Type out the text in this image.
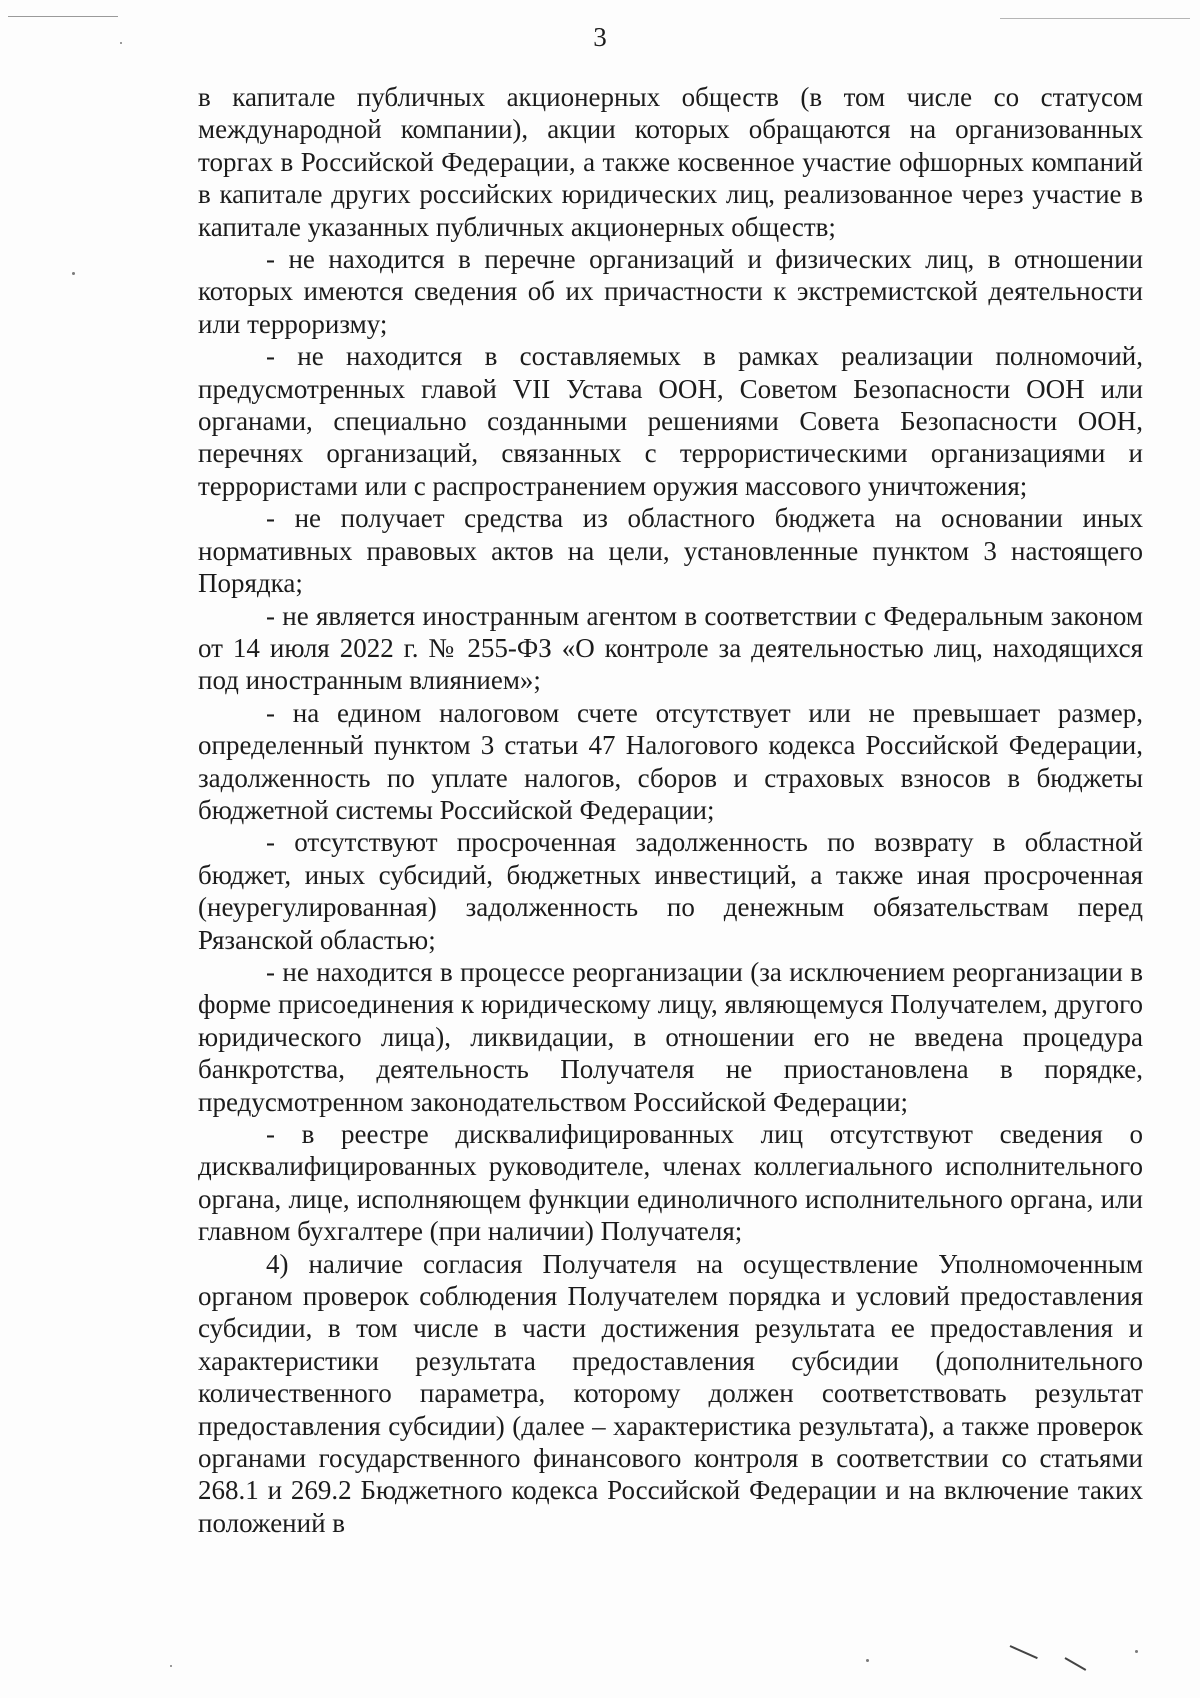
3

в капитале публичных акционерных обществ (в том числе со статусом международной компании), акции которых обращаются на организованных торгах в Российской Федерации, а также косвенное участие офшорных компаний в капитале других российских юридических лиц, реализованное через участие в капитале указанных публичных акционерных обществ;

- не находится в перечне организаций и физических лиц, в отношении которых имеются сведения об их причастности к экстремистской деятельности или терроризму;

- не находится в составляемых в рамках реализации полномочий, предусмотренных главой VII Устава ООН, Советом Безопасности ООН или органами, специально созданными решениями Совета Безопасности ООН, перечнях организаций, связанных с террористическими организациями и террористами или с распространением оружия массового уничтожения;

- не получает средства из областного бюджета на основании иных нормативных правовых актов на цели, установленные пунктом 3 настоящего Порядка;

- не является иностранным агентом в соответствии с Федеральным законом от 14 июля 2022 г. № 255-ФЗ «О контроле за деятельностью лиц, находящихся под иностранным влиянием»;

- на едином налоговом счете отсутствует или не превышает размер, определенный пунктом 3 статьи 47 Налогового кодекса Российской Федерации, задолженность по уплате налогов, сборов и страховых взносов в бюджеты бюджетной системы Российской Федерации;

- отсутствуют просроченная задолженность по возврату в областной бюджет, иных субсидий, бюджетных инвестиций, а также иная просроченная (неурегулированная) задолженность по денежным обязательствам перед Рязанской областью;

- не находится в процессе реорганизации (за исключением реорганизации в форме присоединения к юридическому лицу, являющемуся Получателем, другого юридического лица), ликвидации, в отношении его не введена процедура банкротства, деятельность Получателя не приостановлена в порядке, предусмотренном законодательством Российской Федерации;

- в реестре дисквалифицированных лиц отсутствуют сведения о дисквалифицированных руководителе, членах коллегиального исполнительного органа, лице, исполняющем функции единоличного исполнительного органа, или главном бухгалтере (при наличии) Получателя;

4) наличие согласия Получателя на осуществление Уполномоченным органом проверок соблюдения Получателем порядка и условий предоставления субсидии, в том числе в части достижения результата ее предоставления и характеристики результата предоставления субсидии (дополнительного количественного параметра, которому должен соответствовать результат предоставления субсидии) (далее – характеристика результата), а также проверок органами государственного финансового контроля в соответствии со статьями 268.1 и 269.2 Бюджетного кодекса Российской Федерации и на включение таких положений в
